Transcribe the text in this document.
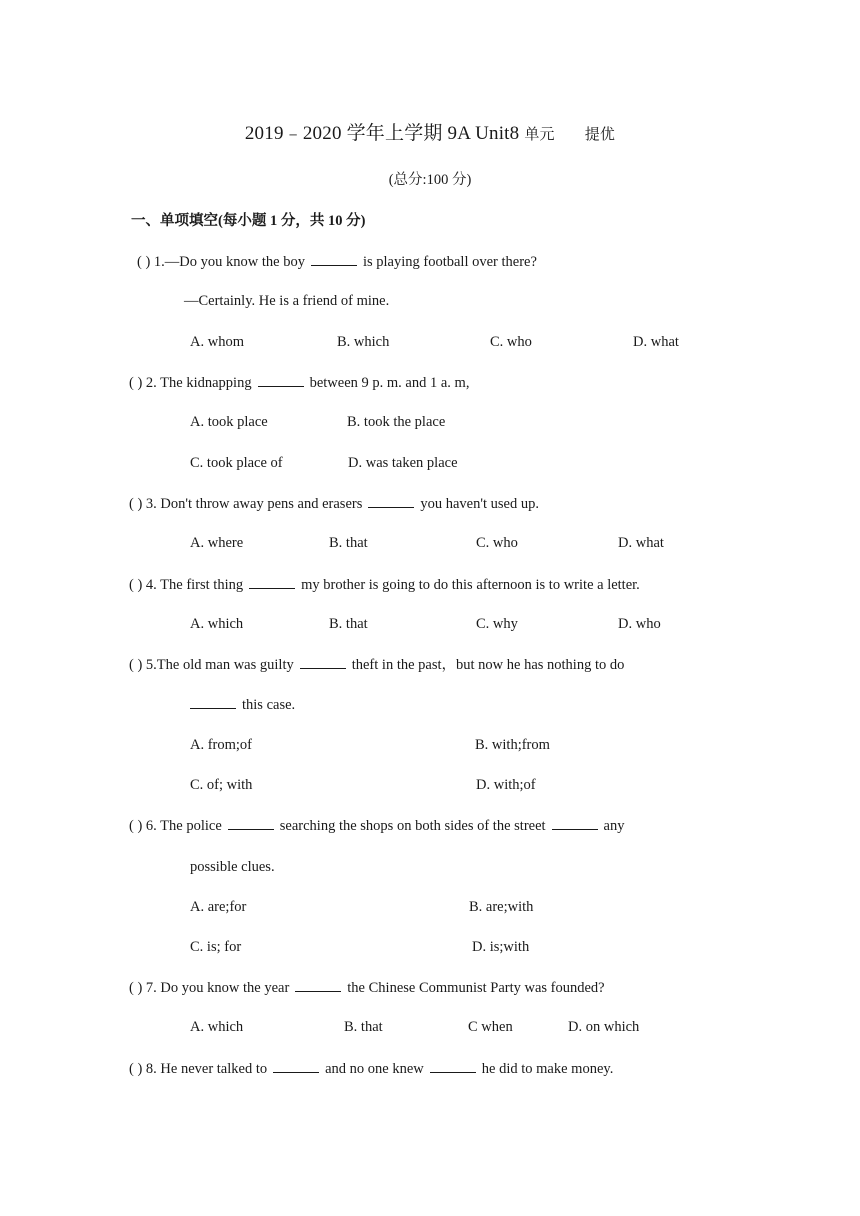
2019﹣2020 学年上学期 9A Unit8 单元 提优
(总分:100 分)
一、单项填空(每小题 1 分，共 10 分)
( ) 1.—Do you know the boy	is playing football over there?
—Certainly. He is a friend of mine.
A. whom	B. which	C. who	D. what
( ) 2. The kidnapping	between 9 p. m. and 1 a. m,
A. took place	B. took the place
C. took place of	D. was taken place
( ) 3. Don't throw away pens and erasers	you haven't used up.
A. where	B. that	C. who	D. what
( ) 4. The first thing	my brother is going to do this afternoon is to write a letter.
A. which	B. that	C. why	D. who
( ) 5.The old man was guilty	theft in the past，but now he has nothing to do
this case.
A. from;of	B. with;from
C. of; with	D. with;of
( ) 6. The police	searching the shops on both sides of the street	any
possible clues.
A. are;for	B. are;with
C. is; for	D. is;with
( ) 7. Do you know the year	the Chinese Communist Party was founded?
A. which	B. that	C when	D. on which
( ) 8. He never talked to	and no one knew	he did to make money.
